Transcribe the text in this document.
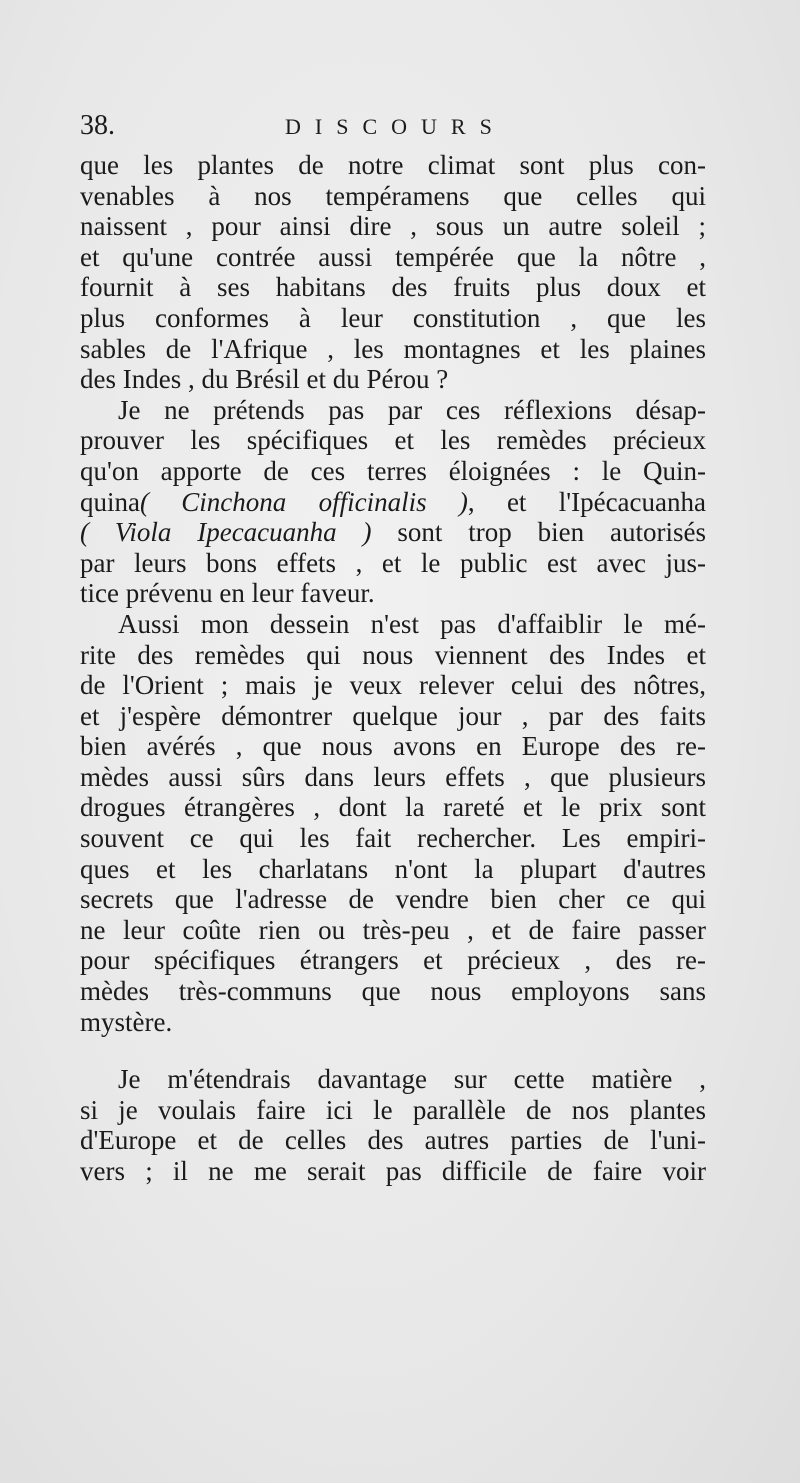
38.	DISCOURS

que les plantes de notre climat sont plus con-
venables à nos tempéramens que celles qui
naissent , pour ainsi dire , sous un autre soleil ;
et qu'une contrée aussi tempérée que la nôtre ,
fournit à ses habitans des fruits plus doux et
plus conformes à leur constitution , que les
sables de l'Afrique , les montagnes et les plaines
des Indes , du Brésil et du Pérou ?

Je ne prétends pas par ces réflexions désap-
prouver les spécifiques et les remèdes précieux
qu'on apporte de ces terres éloignées : le Quin-
quina( Cinchona officinalis ), et l'Ipécacuanha
( Viola Ipecacuanha ) sont trop bien autorisés
par leurs bons effets , et le public est avec jus-
tice prévenu en leur faveur.

Aussi mon dessein n'est pas d'affaiblir le mé-
rite des remèdes qui nous viennent des Indes et
de l'Orient ; mais je veux relever celui des nôtres,
et j'espère démontrer quelque jour , par des faits
bien avérés , que nous avons en Europe des re-
mèdes aussi sûrs dans leurs effets , que plusieurs
drogues étrangères , dont la rareté et le prix sont
souvent ce qui les fait rechercher. Les empiri-
ques et les charlatans n'ont la plupart d'autres
secrets que l'adresse de vendre bien cher ce qui
ne leur coûte rien ou très-peu , et de faire passer
pour spécifiques étrangers et précieux , des re-
mèdes très-communs que nous employons sans
mystère.

Je m'étendrais davantage sur cette matière ,
si je voulais faire ici le parallèle de nos plantes
d'Europe et de celles des autres parties de l'uni-
vers ; il ne me serait pas difficile de faire voir
